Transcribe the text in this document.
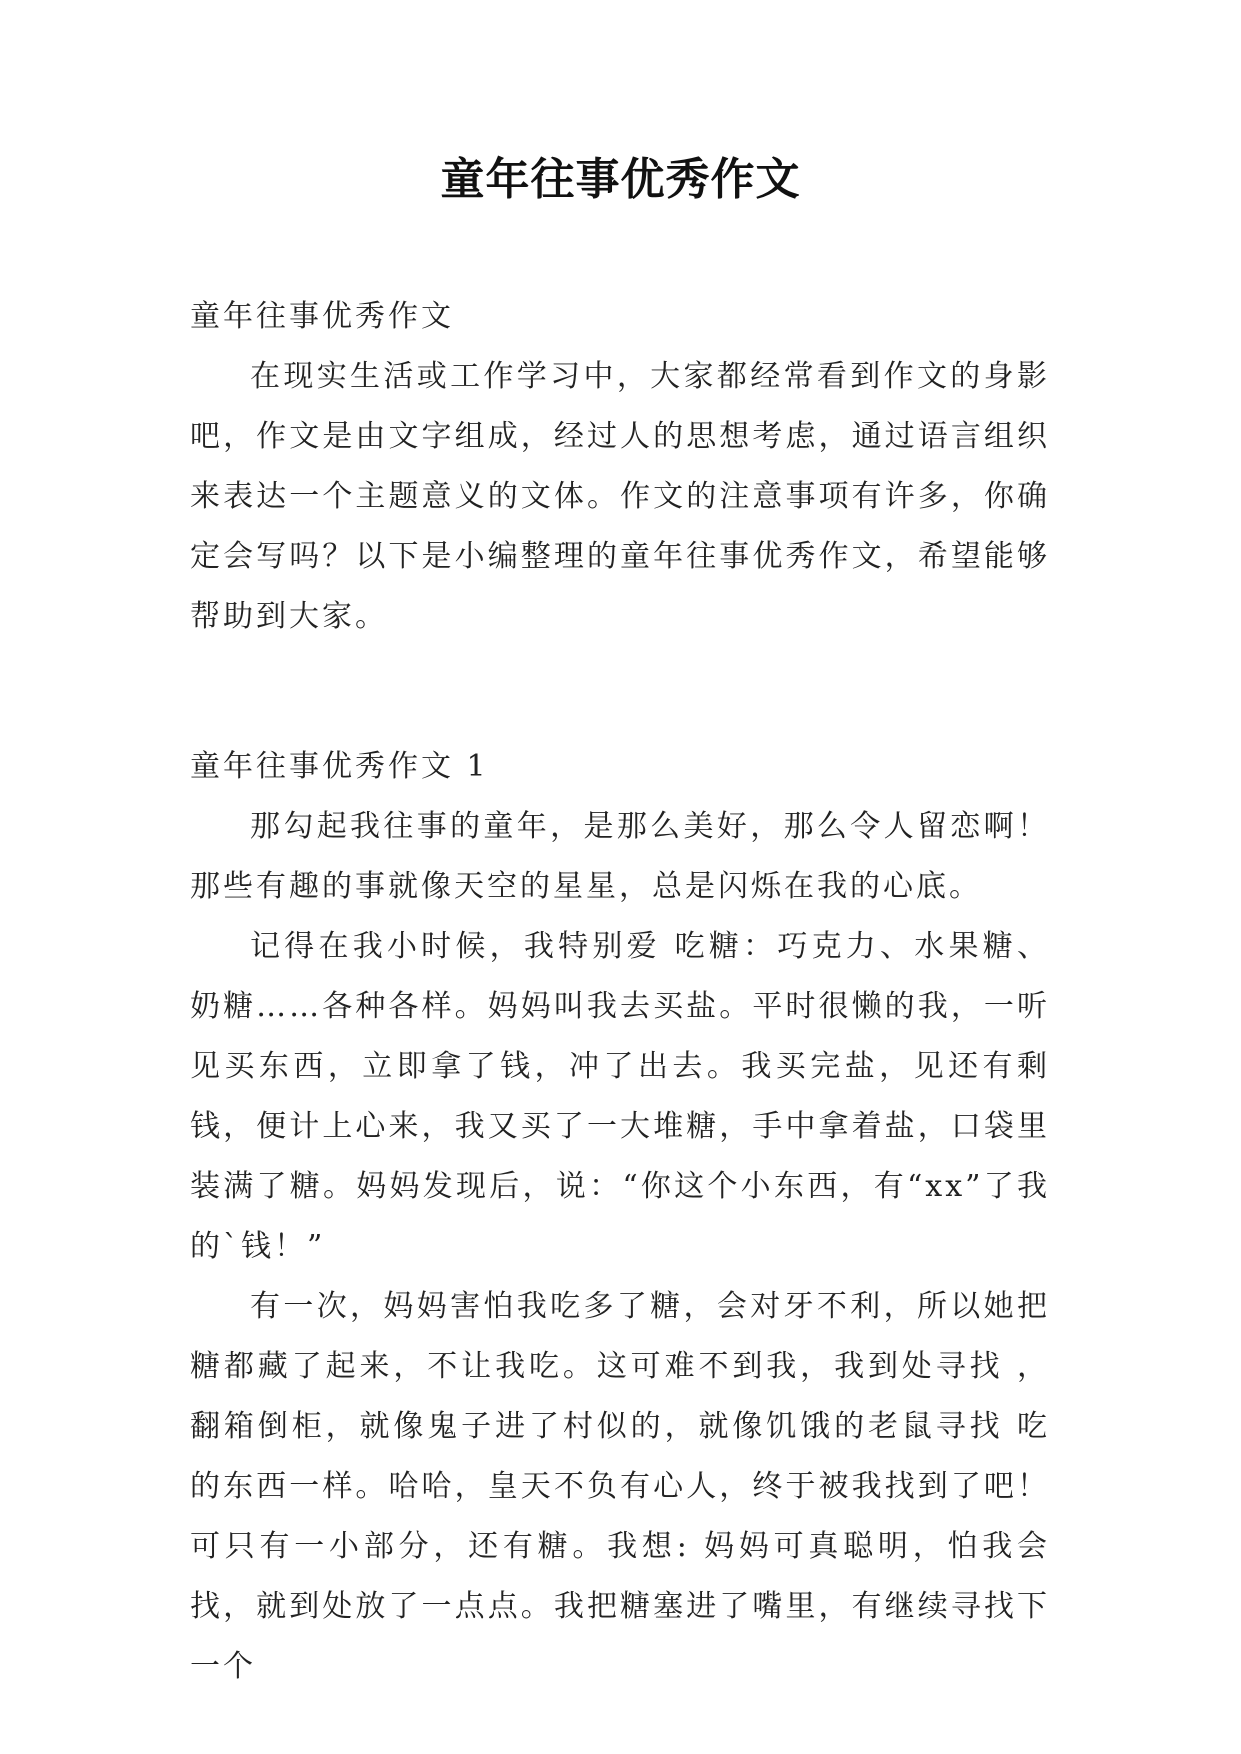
童年往事优秀作文

童年往事优秀作文

在现实生活或工作学习中，大家都经常看到作文的身影吧，作文是由文字组成，经过人的思想考虑，通过语言组织来表达一个主题意义的文体。作文的注意事项有许多，你确定会写吗？以下是小编整理的童年往事优秀作文，希望能够帮助到大家。

童年往事优秀作文 1

那勾起我往事的童年，是那么美好，那么令人留恋啊！那些有趣的事就像天空的星星，总是闪烁在我的心底。

记得在我小时候，我特别爱 吃糖：巧克力、水果糖、奶糖……各种各样。妈妈叫我去买盐。平时很懒的我，一听见买东西，立即拿了钱，冲了出去。我买完盐，见还有剩钱，便计上心来，我又买了一大堆糖，手中拿着盐，口袋里装满了糖。妈妈发现后，说：“你这个小东西，有“xx”了我的`钱！”

有一次，妈妈害怕我吃多了糖，会对牙不利，所以她把糖都藏了起来，不让我吃。这可难不到我，我到处寻找 ，翻箱倒柜，就像鬼子进了村似的，就像饥饿的老鼠寻找 吃的东西一样。哈哈，皇天不负有心人，终于被我找到了吧！可只有一小部分，还有糖。我想: 妈妈可真聪明，怕我会找，就到处放了一点点。我把糖塞进了嘴里，有继续寻找下一个
